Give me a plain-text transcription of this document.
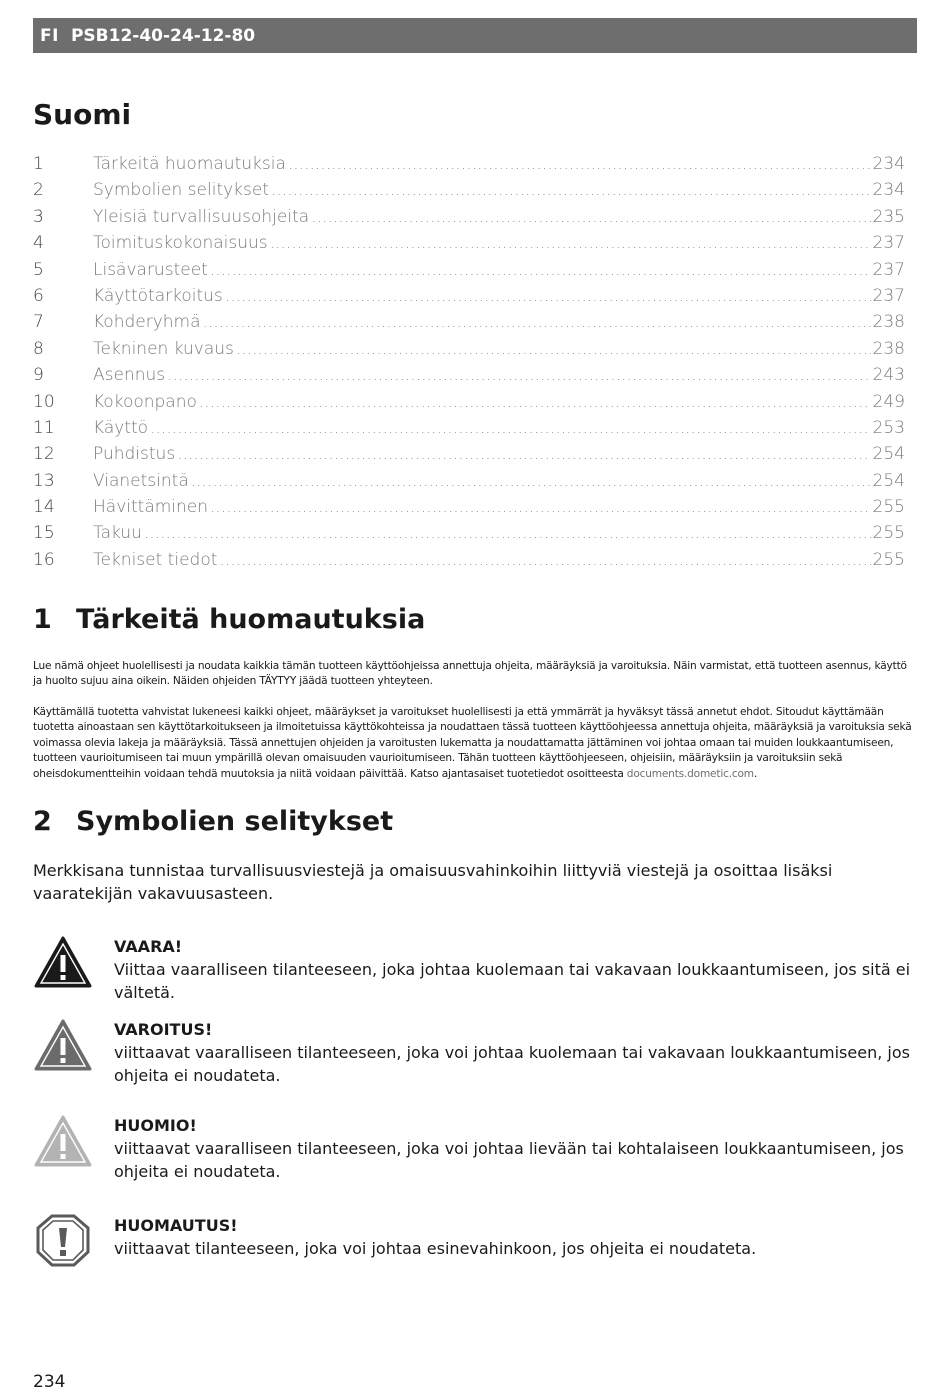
FI PSB12-40-24-12-80
Suomi
1	Tärkeitä huomautuksia .....	234
2	Symbolien selitykset .....	234
3	Yleisiä turvallisuusohjeita .....	235
4	Toimituskokonaisuus .....	237
5	Lisävarusteet .....	237
6	Käyttötarkoitus .....	237
7	Kohderyhmä .....	238
8	Tekninen kuvaus .....	238
9	Asennus .....	243
10	Kokoonpano .....	249
11	Käyttö .....	253
12	Puhdistus .....	254
13	Vianetsintä .....	254
14	Hävittäminen .....	255
15	Takuu .....	255
16	Tekniset tiedot .....	255
1 Tärkeitä huomautuksia

Lue nämä ohjeet huolellisesti ja noudata kaikkia tämän tuotteen käyttöohjeissa annettuja ohjeita, määräyksiä ja varoituksia. Näin varmistat, että tuotteen asennus, käyttö ja huolto sujuu aina oikein. Näiden ohjeiden TÄYTYY jäädä tuotteen yhteyteen.

Käyttämällä tuotetta vahvistat lukeneesi kaikki ohjeet, määräykset ja varoitukset huolellisesti ja että ymmärrät ja hyväksyt tässä annetut ehdot. Sitoudut käyttämään tuotetta ainoastaan sen käyttötarkoitukseen ja ilmoitetuissa käyttökohteissa ja noudattaen tässä tuotteen käyttöohjeessa annettuja ohjeita, määräyksiä ja varoituksia sekä voimassa olevia lakeja ja määräyksiä. Tässä annettujen ohjeiden ja varoitusten lukematta ja noudattamatta jättäminen voi johtaa omaan tai muiden loukkaantumiseen, tuotteen vaurioitumiseen tai muun ympärillä olevan omaisuuden vaurioitumiseen. Tähän tuotteen käyttöohjeeseen, ohjeisiin, määräyksiin ja varoituksiin sekä oheisdokumentteihin voidaan tehdä muutoksia ja niitä voidaan päivittää. Katso ajantasaiset tuotetiedot osoitteesta documents.dometic.com.

2 Symbolien selitykset

Merkkisana tunnistaa turvallisuusviestejä ja omaisuusvahinkoihin liittyviä viestejä ja osoittaa lisäksi vaaratekijän vakavuusasteen.

VAARA!
Viittaa vaaralliseen tilanteeseen, joka johtaa kuolemaan tai vakavaan loukkaantumiseen, jos sitä ei vältetä.
VAROITUS!
viittaavat vaaralliseen tilanteeseen, joka voi johtaa kuolemaan tai vakavaan loukkaantumiseen, jos ohjeita ei noudateta.
HUOMIO!
viittaavat vaaralliseen tilanteeseen, joka voi johtaa lievään tai kohtalaiseen loukkaantumiseen, jos ohjeita ei noudateta.
HUOMAUTUS!
viittaavat tilanteeseen, joka voi johtaa esinevahinkoon, jos ohjeita ei noudateta.
234
